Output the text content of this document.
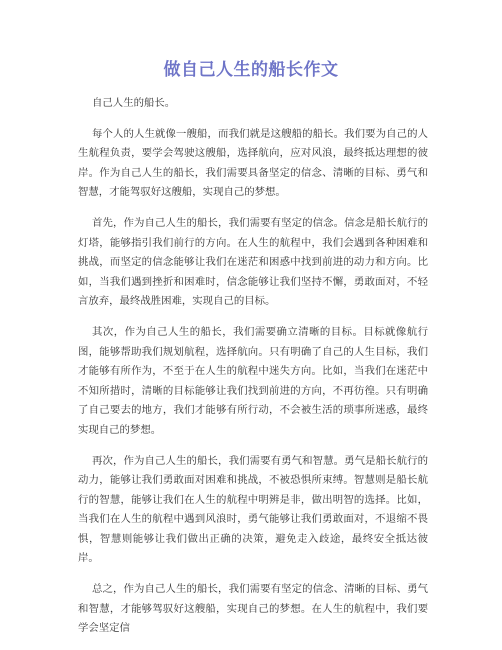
做自己人生的船长作文

自己人生的船长。

每个人的人生就像一艘船，而我们就是这艘船的船长。我们要为自己的人生航程负责，要学会驾驶这艘船，选择航向，应对风浪，最终抵达理想的彼岸。作为自己人生的船长，我们需要具备坚定的信念、清晰的目标、勇气和智慧，才能驾驭好这艘船，实现自己的梦想。

首先，作为自己人生的船长，我们需要有坚定的信念。信念是船长航行的灯塔，能够指引我们前行的方向。在人生的航程中，我们会遇到各种困难和挑战，而坚定的信念能够让我们在迷茫和困惑中找到前进的动力和方向。比如，当我们遇到挫折和困难时，信念能够让我们坚持不懈，勇敢面对，不轻言放弃，最终战胜困难，实现自己的目标。

其次，作为自己人生的船长，我们需要确立清晰的目标。目标就像航行图，能够帮助我们规划航程，选择航向。只有明确了自己的人生目标，我们才能够有所作为，不至于在人生的航程中迷失方向。比如，当我们在迷茫中不知所措时，清晰的目标能够让我们找到前进的方向，不再彷徨。只有明确了自己要去的地方，我们才能够有所行动，不会被生活的琐事所迷惑，最终实现自己的梦想。

再次，作为自己人生的船长，我们需要有勇气和智慧。勇气是船长航行的动力，能够让我们勇敢面对困难和挑战，不被恐惧所束缚。智慧则是船长航行的智慧，能够让我们在人生的航程中明辨是非，做出明智的选择。比如，当我们在人生的航程中遇到风浪时，勇气能够让我们勇敢面对，不退缩不畏惧，智慧则能够让我们做出正确的决策，避免走入歧途，最终安全抵达彼岸。

总之，作为自己人生的船长，我们需要有坚定的信念、清晰的目标、勇气和智慧，才能够驾驭好这艘船，实现自己的梦想。在人生的航程中，我们要学会坚定信
